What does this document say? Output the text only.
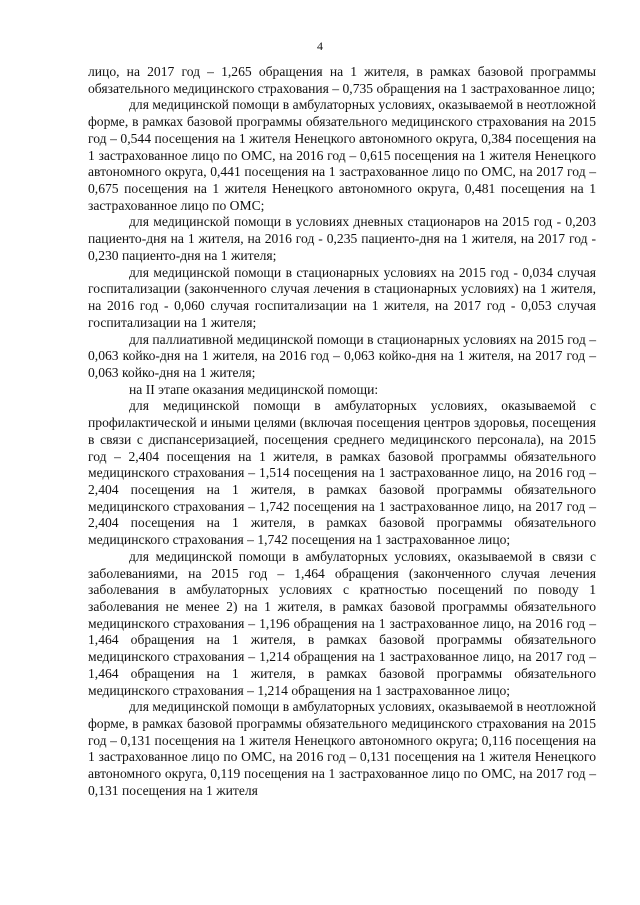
4

лицо, на 2017 год – 1,265 обращения на 1 жителя, в рамках базовой программы обязательного медицинского страхования – 0,735 обращения на 1 застрахованное лицо;

для медицинской помощи в амбулаторных условиях, оказываемой в неотложной форме, в рамках базовой программы обязательного медицинского страхования на 2015 год – 0,544 посещения на 1 жителя Ненецкого автономного округа, 0,384 посещения на 1 застрахованное лицо по ОМС, на 2016 год – 0,615 посещения на 1 жителя Ненецкого автономного округа, 0,441 посещения на 1 застрахованное лицо по ОМС, на 2017 год – 0,675 посещения на 1 жителя Ненецкого автономного округа, 0,481 посещения на 1 застрахованное лицо по ОМС;

для медицинской помощи в условиях дневных стационаров на 2015 год - 0,203 пациенто-дня на 1 жителя, на 2016 год - 0,235 пациенто-дня на 1 жителя, на 2017 год - 0,230 пациенто-дня на 1 жителя;

для медицинской помощи в стационарных условиях на 2015 год - 0,034 случая госпитализации (законченного случая лечения в стационарных условиях) на 1 жителя, на 2016 год - 0,060 случая госпитализации на 1 жителя, на 2017 год - 0,053 случая госпитализации на 1 жителя;

для паллиативной медицинской помощи в стационарных условиях на 2015 год – 0,063 койко-дня на 1 жителя, на 2016 год – 0,063 койко-дня на 1 жителя, на 2017 год – 0,063 койко-дня на 1 жителя;

на II этапе оказания медицинской помощи:

для медицинской помощи в амбулаторных условиях, оказываемой с профилактической и иными целями (включая посещения центров здоровья, посещения в связи с диспансеризацией, посещения среднего медицинского персонала), на 2015 год – 2,404 посещения на 1 жителя, в рамках базовой программы обязательного медицинского страхования – 1,514 посещения на 1 застрахованное лицо, на 2016 год – 2,404 посещения на 1 жителя, в рамках базовой программы обязательного медицинского страхования – 1,742 посещения на 1 застрахованное лицо, на 2017 год – 2,404 посещения на 1 жителя, в рамках базовой программы обязательного медицинского страхования – 1,742 посещения на 1 застрахованное лицо;

для медицинской помощи в амбулаторных условиях, оказываемой в связи с заболеваниями, на 2015 год – 1,464 обращения (законченного случая лечения заболевания в амбулаторных условиях с кратностью посещений по поводу 1 заболевания не менее 2) на 1 жителя, в рамках базовой программы обязательного медицинского страхования – 1,196 обращения на 1 застрахованное лицо, на 2016 год – 1,464 обращения на 1 жителя, в рамках базовой программы обязательного медицинского страхования – 1,214 обращения на 1 застрахованное лицо, на 2017 год – 1,464 обращения на 1 жителя, в рамках базовой программы обязательного медицинского страхования – 1,214 обращения на 1 застрахованное лицо;

для медицинской помощи в амбулаторных условиях, оказываемой в неотложной форме, в рамках базовой программы обязательного медицинского страхования на 2015 год – 0,131 посещения на 1 жителя Ненецкого автономного округа; 0,116 посещения на 1 застрахованное лицо по ОМС, на 2016 год – 0,131 посещения на 1 жителя Ненецкого автономного округа, 0,119 посещения на 1 застрахованное лицо по ОМС, на 2017 год – 0,131 посещения на 1 жителя
